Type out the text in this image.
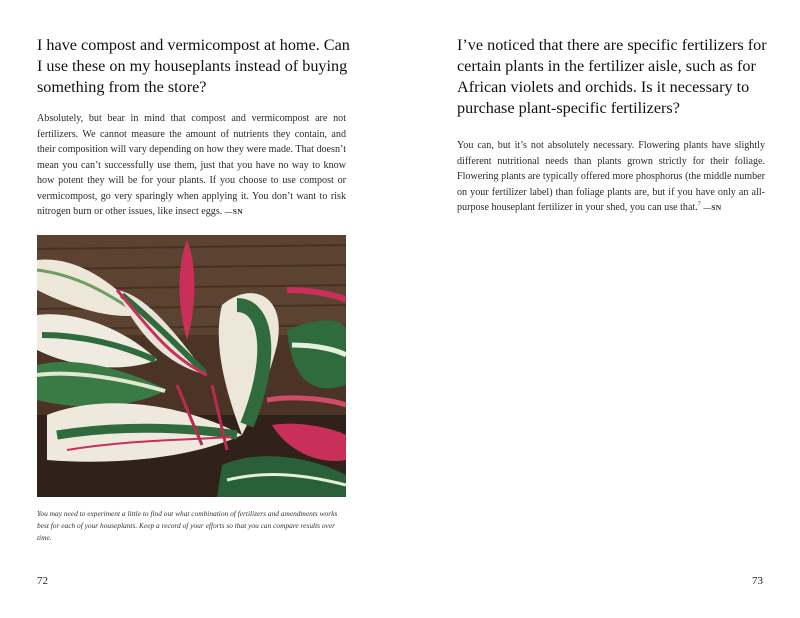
I have compost and vermicompost at home. Can I use these on my houseplants instead of buying something from the store?

Absolutely, but bear in mind that compost and vermicompost are not fertilizers. We cannot measure the amount of nutrients they contain, and their composition will vary depending on how they were made. That doesn’t mean you can’t successfully use them, just that you have no way to know how potent they will be for your plants. If you choose to use compost or vermicompost, go very sparingly when applying it. You don’t want to risk nitrogen burn or other issues, like insect eggs. —SN

You may need to experiment a little to find out what combination of fertilizers and amendments works best for each of your houseplants. Keep a record of your efforts so that you can compare results over time.

72
I’ve noticed that there are specific fertilizers for certain plants in the fertilizer aisle, such as for African violets and orchids. Is it necessary to purchase plant-specific fertilizers?

You can, but it’s not absolutely necessary. Flowering plants have slightly different nutritional needs than plants grown strictly for their foliage. Flowering plants are typically offered more phosphorus (the middle number on your fertilizer label) than foliage plants are, but if you have only an all-purpose houseplant fertilizer in your shed, you can use that.$^7$ —SN

73
